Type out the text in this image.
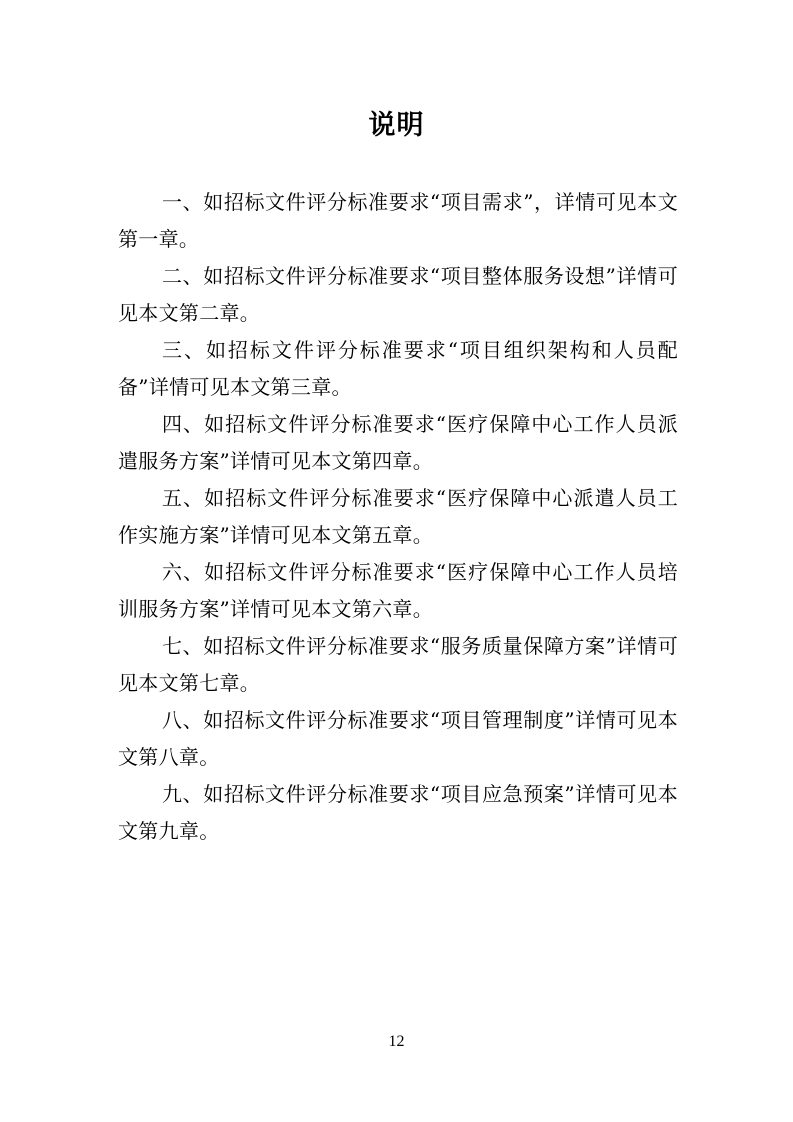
说明

一、如招标文件评分标准要求“项目需求”，详情可见本文第一章。

二、如招标文件评分标准要求“项目整体服务设想”详情可见本文第二章。

三、如招标文件评分标准要求“项目组织架构和人员配备”详情可见本文第三章。

四、如招标文件评分标准要求“医疗保障中心工作人员派遣服务方案”详情可见本文第四章。

五、如招标文件评分标准要求“医疗保障中心派遣人员工作实施方案”详情可见本文第五章。

六、如招标文件评分标准要求“医疗保障中心工作人员培训服务方案”详情可见本文第六章。

七、如招标文件评分标准要求“服务质量保障方案”详情可见本文第七章。

八、如招标文件评分标准要求“项目管理制度”详情可见本文第八章。

九、如招标文件评分标准要求“项目应急预案”详情可见本文第九章。

12
